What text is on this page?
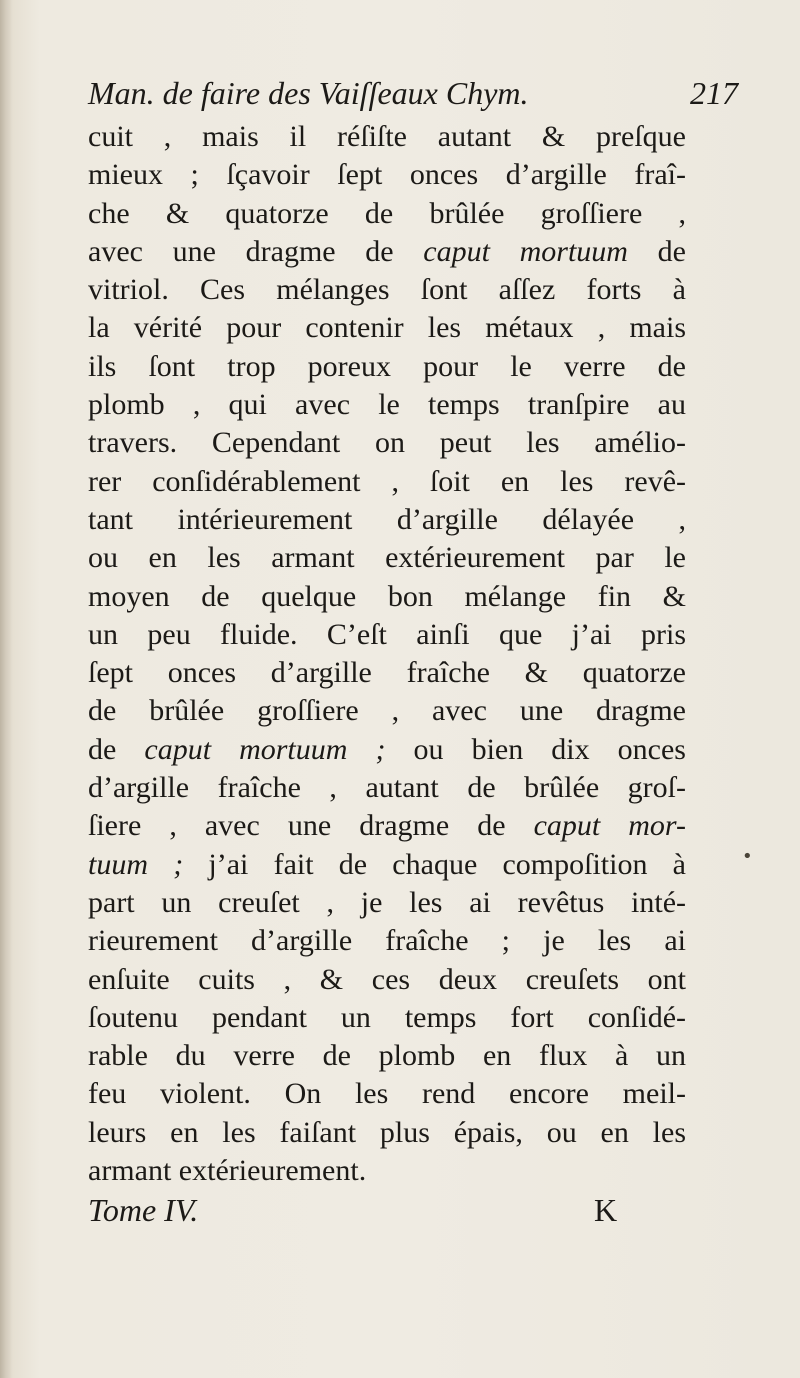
Man. de faire des Vaiſſeaux Chym.	217
cuit , mais il réſiſte autant & preſque
mieux ; ſçavoir ſept onces d’argille fraî-
che & quatorze de brûlée groſſiere ,
avec une dragme de caput mortuum de
vitriol. Ces mélanges ſont aſſez forts à
la vérité pour contenir les métaux , mais
ils ſont trop poreux pour le verre de
plomb , qui avec le temps tranſpire au
travers. Cependant on peut les amélio-
rer conſidérablement , ſoit en les revê-
tant intérieurement d’argille délayée ,
ou en les armant extérieurement par le
moyen de quelque bon mélange fin &
un peu fluide. C’eſt ainſi que j’ai pris
ſept onces d’argille fraîche & quatorze
de brûlée groſſiere , avec une dragme
de caput mortuum ; ou bien dix onces
d’argille fraîche , autant de brûlée groſ-
ſiere , avec une dragme de caput mor-
tuum ; j’ai fait de chaque compoſition à
part un creuſet , je les ai revêtus inté-
rieurement d’argille fraîche ; je les ai
enſuite cuits , & ces deux creuſets ont
ſoutenu pendant un temps fort conſidé-
rable du verre de plomb en flux à un
feu violent. On les rend encore meil-
leurs en les faiſant plus épais, ou en les
armant extérieurement.
Tome IV.	K
•
